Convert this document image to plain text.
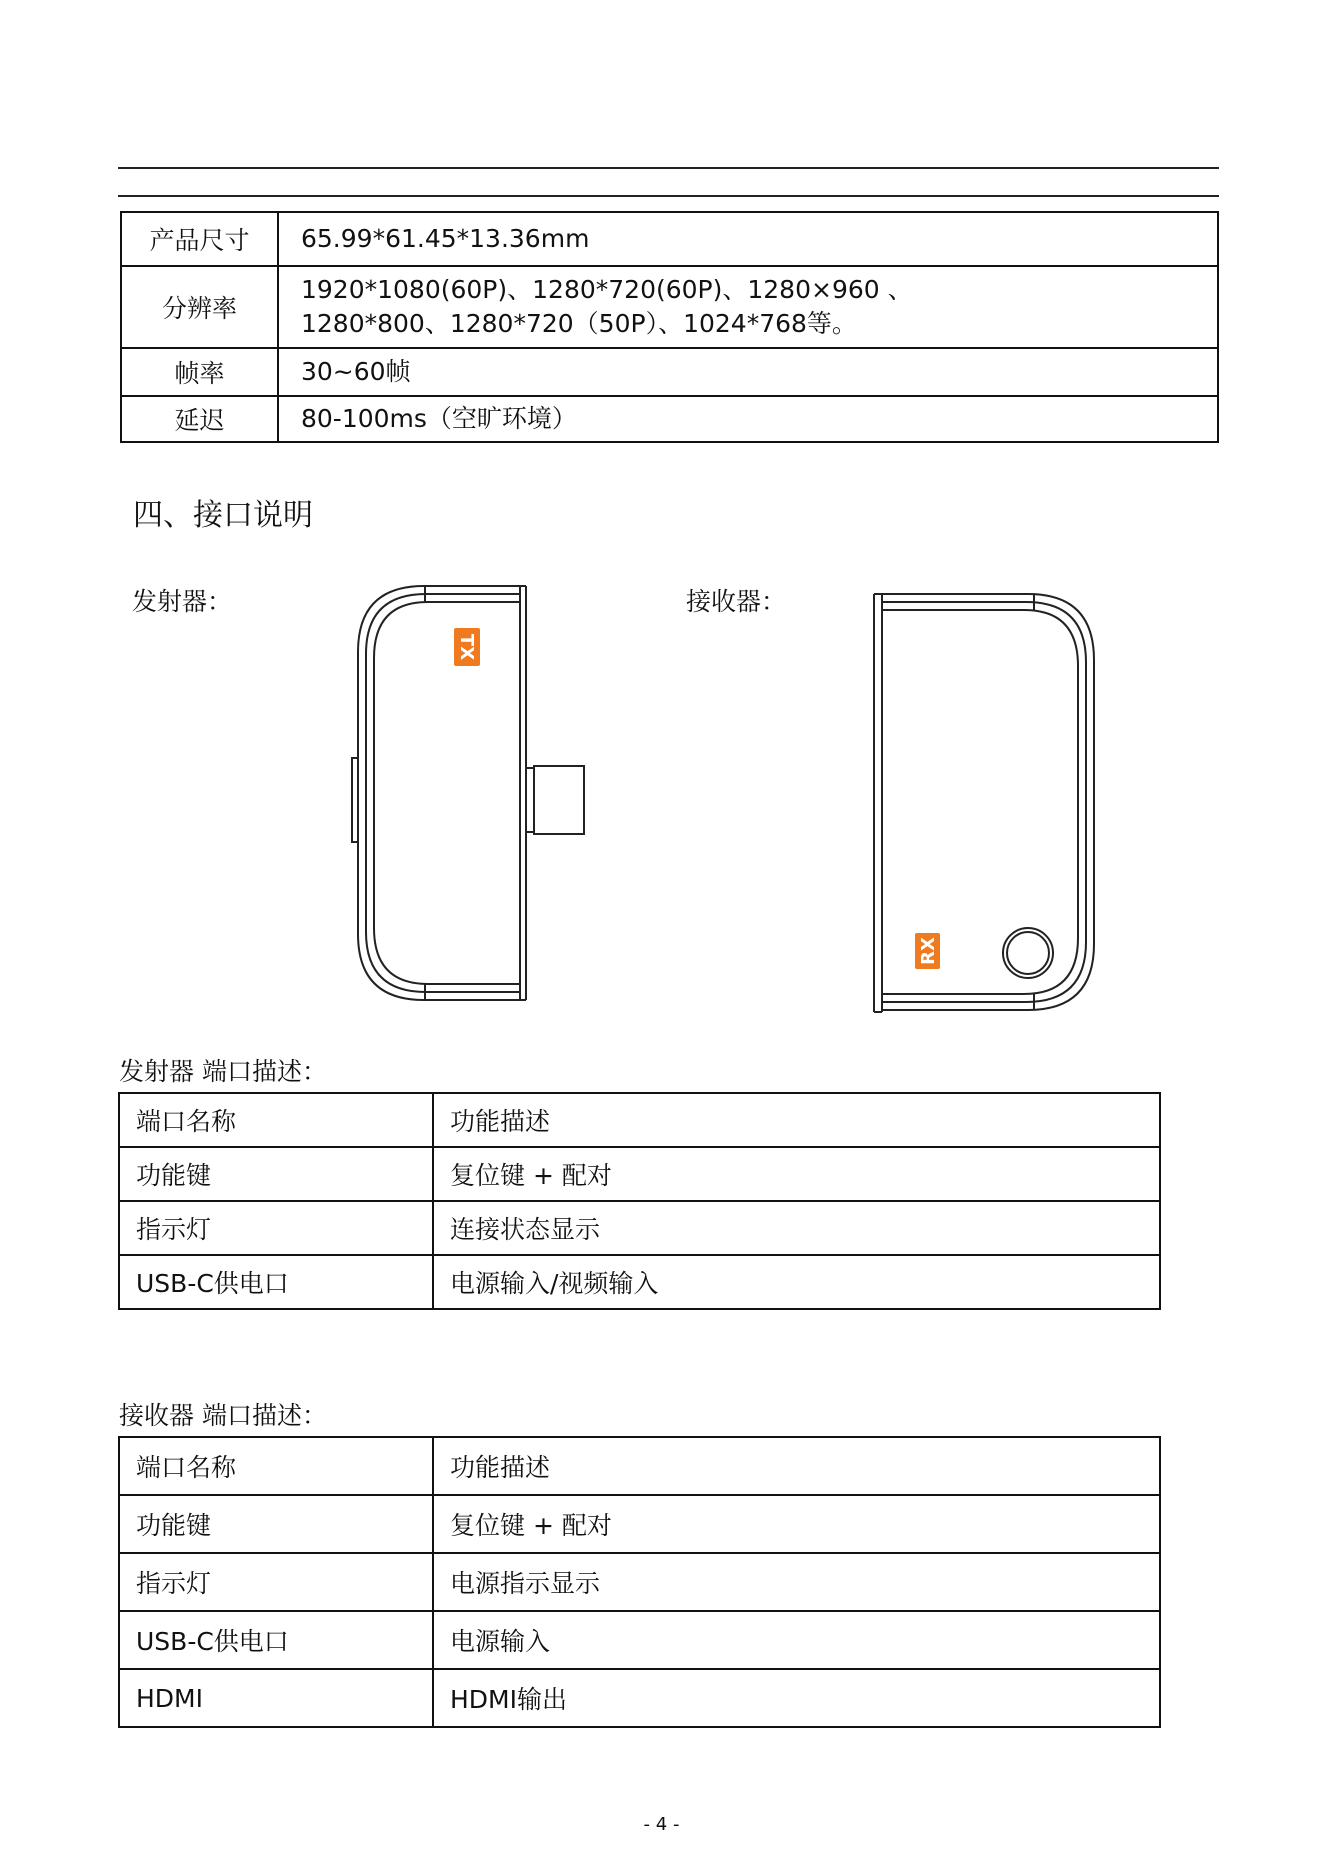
产品尺寸	65.99*61.45*13.36mm
分辨率	1920*1080(60P)、1280*720(60P)、1280×960 、
1280*800、1280*720（50P）、1024*768等。

帧率	30~60帧
延迟	80-100ms（空旷环境）
四、接口说明
发射器：	接收器：
TX
RX
发射器 端口描述：
端口名称	功能描述
功能键	复位键 + 配对
指示灯	连接状态显示
USB-C供电口	电源输入/视频输入
接收器 端口描述：
端口名称	功能描述
功能键	复位键 + 配对
指示灯	电源指示显示
USB-C供电口	电源输入
HDMI	HDMI输出
- 4 -
